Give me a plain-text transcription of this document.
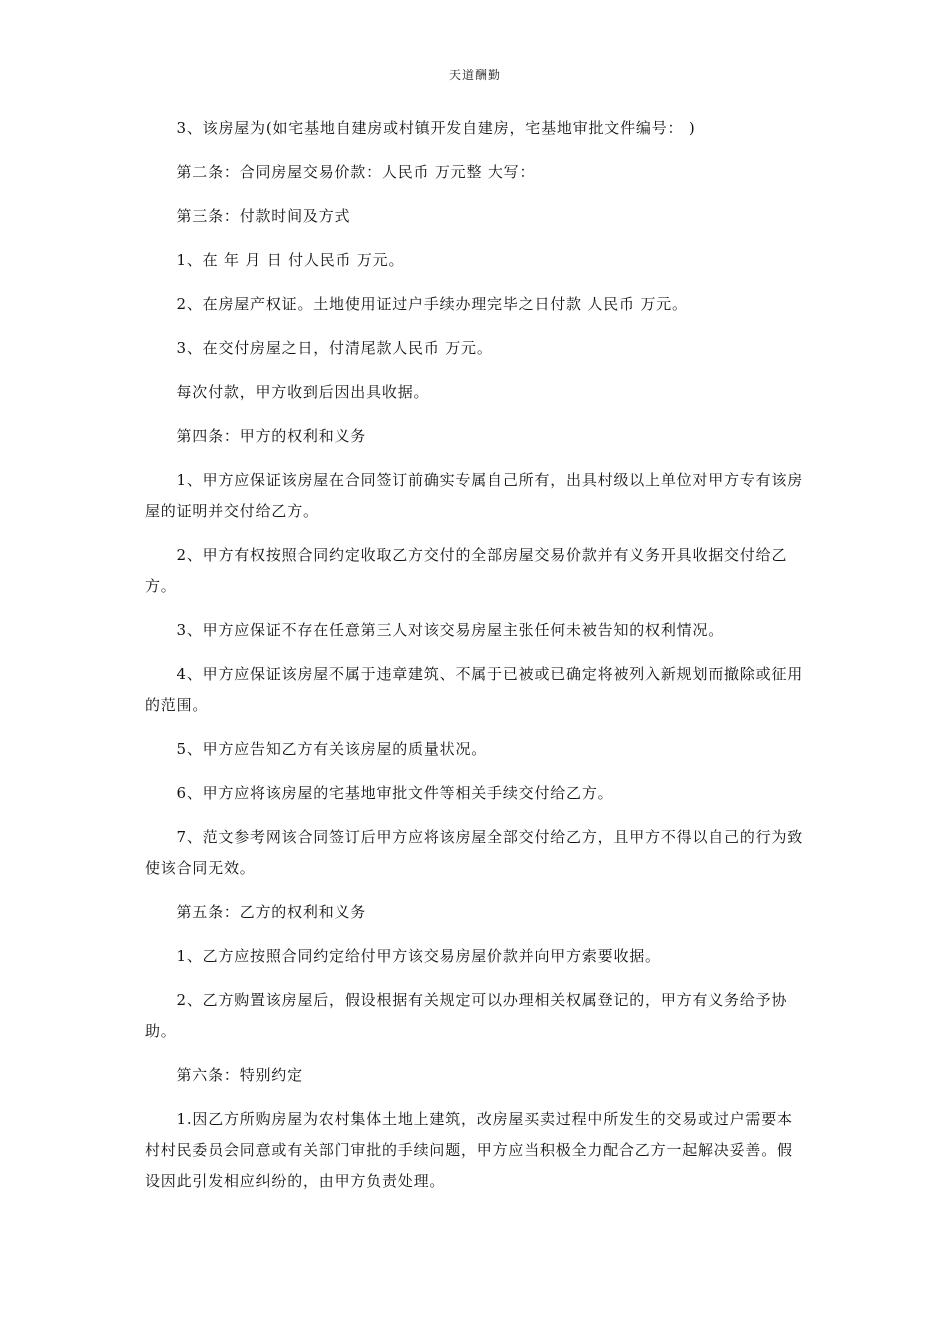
天道酬勤

3、该房屋为(如宅基地自建房或村镇开发自建房，宅基地审批文件编号： )

第二条：合同房屋交易价款：人民币 万元整 大写：

第三条：付款时间及方式

1、在 年 月 日 付人民币 万元。

2、在房屋产权证。土地使用证过户手续办理完毕之日付款 人民币 万元。

3、在交付房屋之日，付清尾款人民币 万元。

每次付款，甲方收到后因出具收据。

第四条：甲方的权利和义务

1、甲方应保证该房屋在合同签订前确实专属自己所有，出具村级以上单位对甲方专有该房屋的证明并交付给乙方。

2、甲方有权按照合同约定收取乙方交付的全部房屋交易价款并有义务开具收据交付给乙方。

3、甲方应保证不存在任意第三人对该交易房屋主张任何未被告知的权利情况。

4、甲方应保证该房屋不属于违章建筑、不属于已被或已确定将被列入新规划而撤除或征用的范围。

5、甲方应告知乙方有关该房屋的质量状况。

6、甲方应将该房屋的宅基地审批文件等相关手续交付给乙方。

7、范文参考网该合同签订后甲方应将该房屋全部交付给乙方，且甲方不得以自己的行为致使该合同无效。

第五条：乙方的权利和义务

1、乙方应按照合同约定给付甲方该交易房屋价款并向甲方索要收据。

2、乙方购置该房屋后，假设根据有关规定可以办理相关权属登记的，甲方有义务给予协助。

第六条：特别约定

1.因乙方所购房屋为农村集体土地上建筑，改房屋买卖过程中所发生的交易或过户需要本村村民委员会同意或有关部门审批的手续问题，甲方应当积极全力配合乙方一起解决妥善。假设因此引发相应纠纷的，由甲方负责处理。
